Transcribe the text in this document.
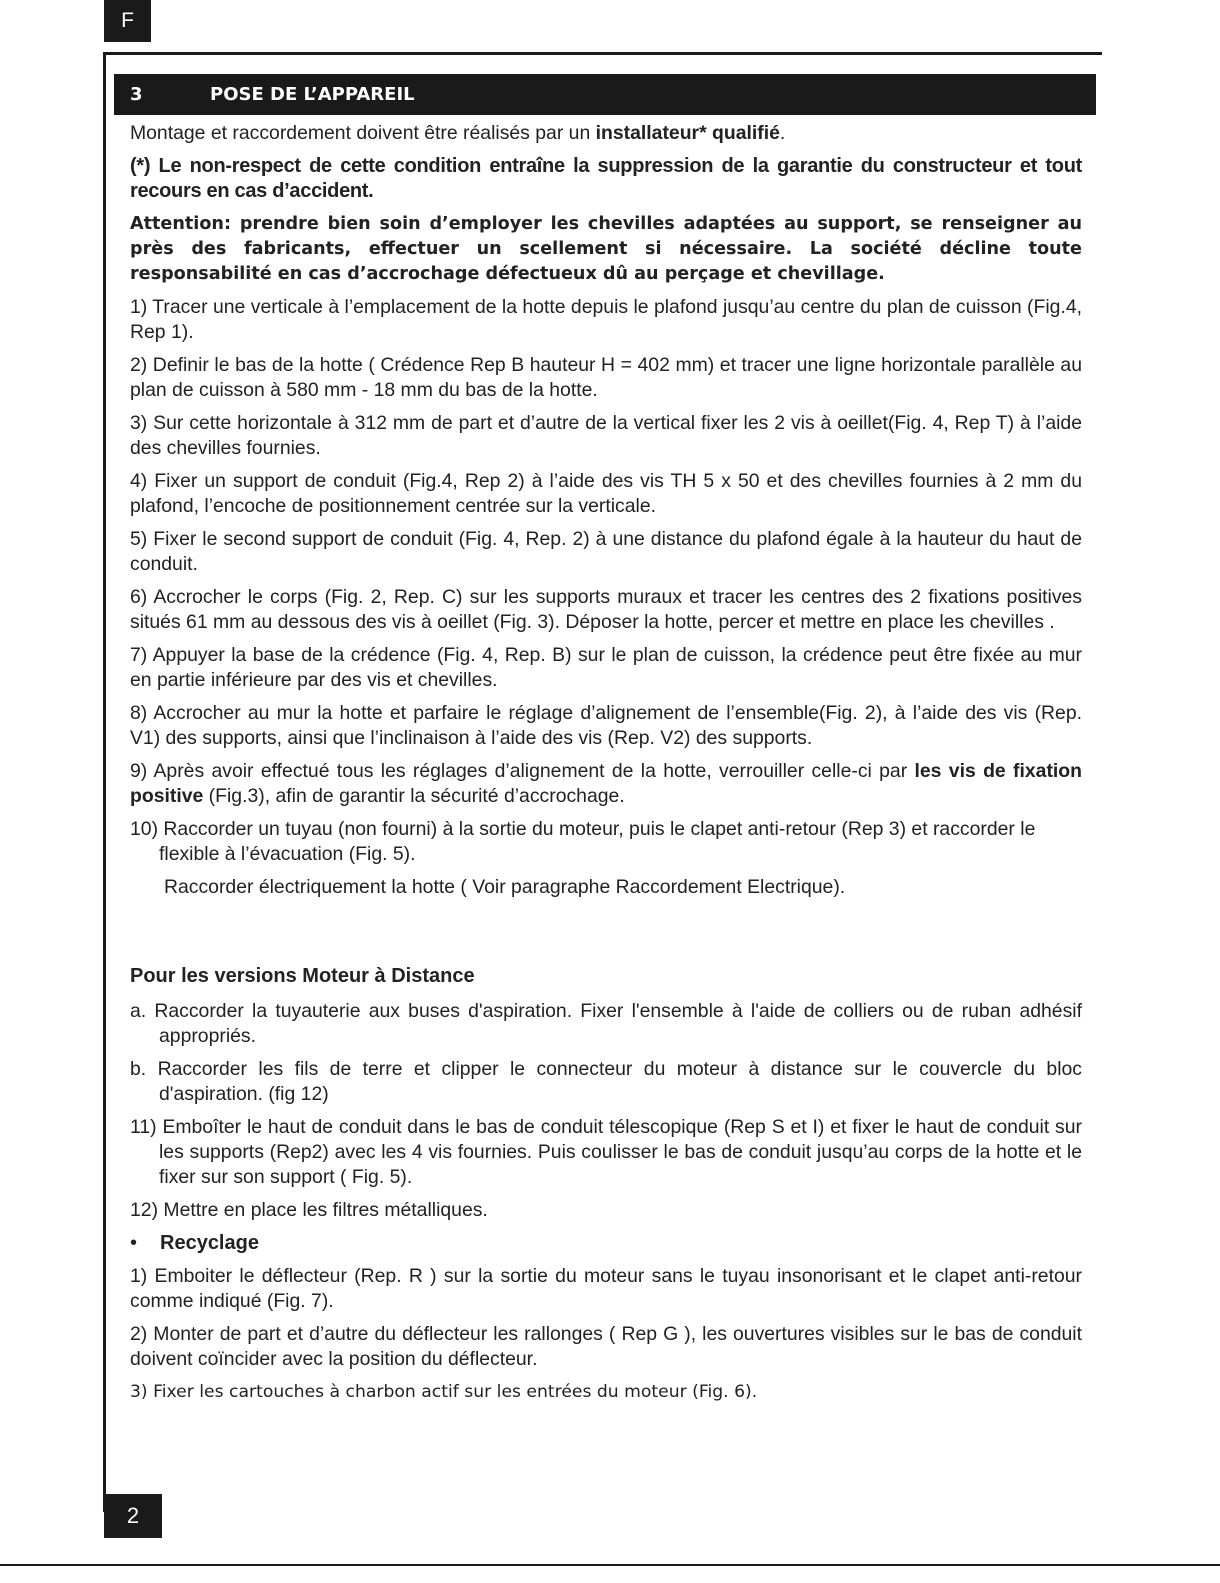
F
3	POSE DE L’APPAREIL

Montage et raccordement doivent être réalisés par un installateur* qualifié.

(*) Le non-respect de cette condition entraîne la suppression de la garantie du constructeur et tout recours en cas d’accident.

Attention: prendre bien soin d’employer les chevilles adaptées au support, se renseigner au près des fabricants, effectuer un scellement si nécessaire. La société décline toute responsabilité en cas d’accrochage défectueux dû au perçage et chevillage.

1) Tracer une verticale à l’emplacement de la hotte depuis le plafond jusqu’au centre du plan de cuisson (Fig.4, Rep 1).

2) Definir le bas de la hotte ( Crédence Rep B hauteur H = 402 mm) et tracer une ligne horizontale parallèle au plan de cuisson à 580 mm - 18 mm du bas de la hotte.

3) Sur cette horizontale à 312 mm de part et d’autre de la vertical fixer les 2 vis à oeillet(Fig. 4, Rep T) à l’aide des chevilles fournies.

4) Fixer un support de conduit (Fig.4, Rep 2) à l’aide des vis TH 5 x 50 et des chevilles fournies à 2 mm du plafond, l’encoche de positionnement centrée sur la verticale.

5) Fixer le second support de conduit (Fig. 4, Rep. 2) à une distance du plafond égale à la hauteur du haut de conduit.

6) Accrocher le corps (Fig. 2, Rep. C) sur les supports muraux et tracer les centres des 2 fixations positives situés 61 mm au dessous des vis à oeillet (Fig. 3). Déposer la hotte, percer et mettre en place les chevilles .

7) Appuyer la base de la crédence (Fig. 4, Rep. B) sur le plan de cuisson, la crédence peut être fixée au mur en partie inférieure par des vis et chevilles.

8) Accrocher au mur la hotte et parfaire le réglage d’alignement de l’ensemble(Fig. 2), à l’aide des vis (Rep. V1) des supports, ainsi que l’inclinaison à l’aide des vis (Rep. V2) des supports.

9) Après avoir effectué tous les réglages d’alignement de la hotte, verrouiller celle-ci par les vis de fixation positive (Fig.3), afin de garantir la sécurité d’accrochage.

10) Raccorder un tuyau (non fourni) à la sortie du moteur, puis le clapet anti-retour (Rep 3) et raccorder le flexible à l’évacuation (Fig. 5).

Raccorder électriquement la hotte ( Voir paragraphe Raccordement Electrique).

Pour les versions Moteur à Distance

a. Raccorder la tuyauterie aux buses d'aspiration. Fixer l'ensemble à l'aide de colliers ou de ruban adhésif appropriés.

b. Raccorder les fils de terre et clipper le connecteur du moteur à distance sur le couvercle du bloc d'aspiration. (fig 12)

11) Emboîter le haut de conduit dans le bas de conduit télescopique (Rep S et I) et fixer le haut de conduit sur les supports (Rep2) avec les 4 vis fournies. Puis coulisser le bas de conduit jusqu’au corps de la hotte et le fixer sur son support ( Fig. 5).

12) Mettre en place les filtres métalliques.

• Recyclage

1) Emboiter le déflecteur (Rep. R ) sur la sortie du moteur sans le tuyau insonorisant et le clapet anti-retour comme indiqué (Fig. 7).

2) Monter de part et d’autre du déflecteur les rallonges ( Rep G ), les ouvertures visibles sur le bas de conduit doivent coïncider avec la position du déflecteur.

3) Fixer les cartouches à charbon actif sur les entrées du moteur (Fig. 6).

2
